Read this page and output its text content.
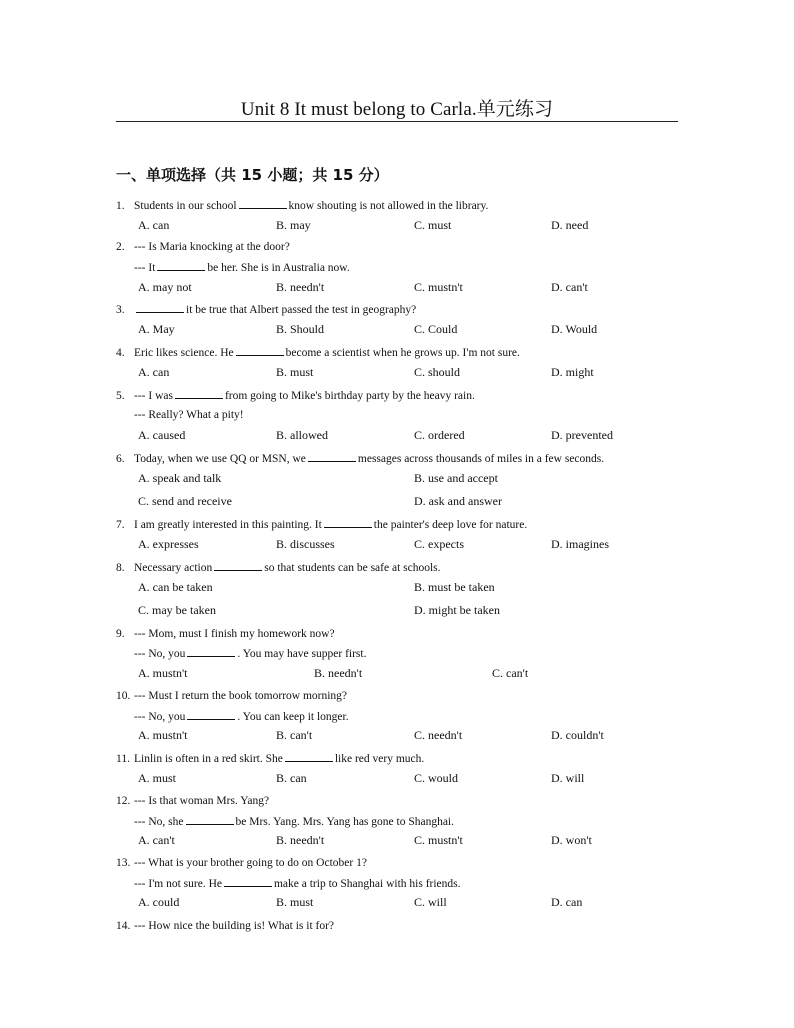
Unit 8 It must belong to Carla.单元练习
一、单项选择（共 15 小题；共 15 分）
1. Students in our school	know shouting is not allowed in the library.
A. can	B. may	C. must	D. need
2. --- Is Maria knocking at the door?
--- It	be her. She is in Australia now.
A. may not	B. needn't	C. mustn't	D. can't
3.	it be true that Albert passed the test in geography?
A. May	B. Should	C. Could	D. Would
4. Eric likes science. He	become a scientist when he grows up. I'm not sure.
A. can	B. must	C. should	D. might
5. --- I was	from going to Mike's birthday party by the heavy rain.
--- Really? What a pity!
A. caused	B. allowed	C. ordered	D. prevented
6. Today, when we use QQ or MSN, we	messages across thousands of miles in a few seconds.
A. speak and talk	B. use and accept
C. send and receive	D. ask and answer
7. I am greatly interested in this painting. It	the painter's deep love for nature.
A. expresses	B. discusses	C. expects	D. imagines
8. Necessary action	so that students can be safe at schools.
A. can be taken	B. must be taken
C. may be taken	D. might be taken
9. --- Mom, must I finish my homework now?
--- No, you	. You may have supper first.
A. mustn't	B. needn't	C. can't
10. --- Must I return the book tomorrow morning?
--- No, you	. You can keep it longer.
A. mustn't	B. can't	C. needn't	D. couldn't
11. Linlin is often in a red skirt. She	like red very much.
A. must	B. can	C. would	D. will
12. --- Is that woman Mrs. Yang?
--- No, she	be Mrs. Yang. Mrs. Yang has gone to Shanghai.
A. can't	B. needn't	C. mustn't	D. won't
13. --- What is your brother going to do on October 1?
--- I'm not sure. He	make a trip to Shanghai with his friends.
A. could	B. must	C. will	D. can
14. --- How nice the building is! What is it for?
